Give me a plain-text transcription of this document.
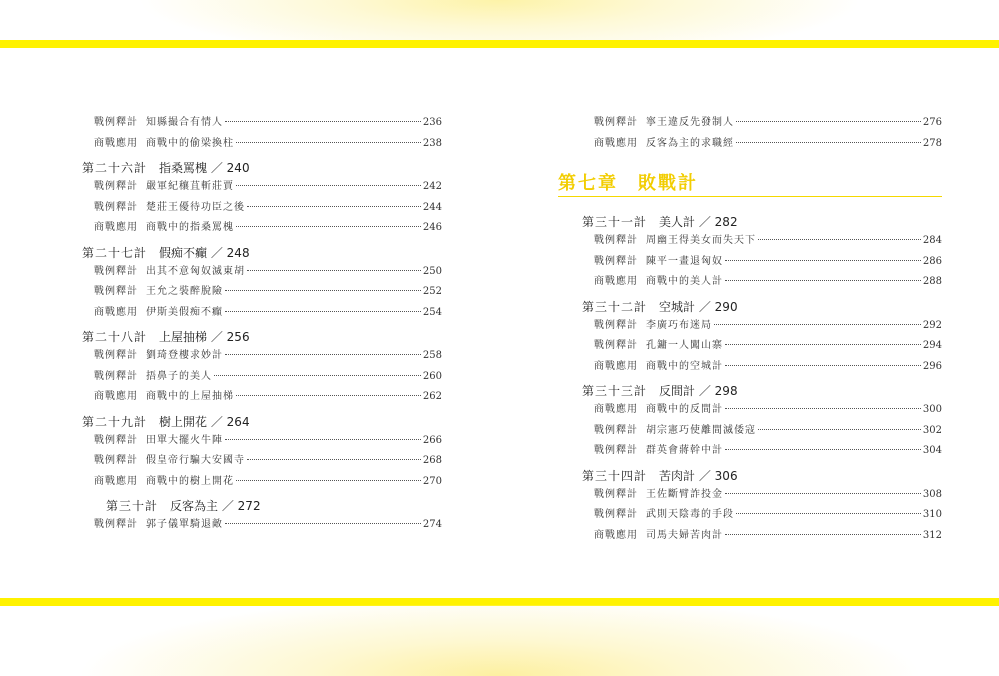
戰例釋計 知縣撮合有情人	236
商戰應用 商戰中的偷梁換柱	238
第二十六計 指桑罵槐 ／ 240
戰例釋計 嚴軍紀穰苴斬莊賈	242
戰例釋計 楚莊王優待功臣之後	244
商戰應用 商戰中的指桑罵槐	246
第二十七計 假痴不癲 ／ 248
戰例釋計 出其不意匈奴滅東胡	250
戰例釋計 王允之裝醉脫險	252
商戰應用 伊斯美假痴不癲	254
第二十八計 上屋抽梯 ／ 256
戰例釋計 劉琦登樓求妙計	258
戰例釋計 捂鼻子的美人	260
商戰應用 商戰中的上屋抽梯	262
第二十九計 樹上開花 ／ 264
戰例釋計 田單大擺火牛陣	266
戰例釋計 假皇帝行騙大安國寺	268
商戰應用 商戰中的樹上開花	270
第三十計 反客為主 ／ 272
戰例釋計 郭子儀單騎退敵	274
戰例釋計 寧王違反先發制人	276
商戰應用 反客為主的求職經	278
第七章　敗戰計
第三十一計 美人計 ／ 282
戰例釋計 周幽王得美女而失天下	284
戰例釋計 陳平一畫退匈奴	286
商戰應用 商戰中的美人計	288
第三十二計 空城計 ／ 290
戰例釋計 李廣巧布迷局	292
戰例釋計 孔鏞一人闖山寨	294
商戰應用 商戰中的空城計	296
第三十三計 反間計 ／ 298
商戰應用 商戰中的反間計	300
戰例釋計 胡宗憲巧使離間滅倭寇	302
戰例釋計 群英會蔣幹中計	304
第三十四計 苦肉計 ／ 306
戰例釋計 王佐斷臂詐投金	308
戰例釋計 武則天陰毒的手段	310
商戰應用 司馬夫婦苦肉計	312
